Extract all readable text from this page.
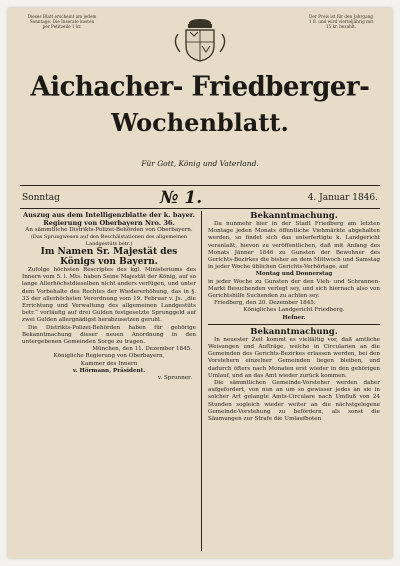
Dieses Blatt erscheint am jedem
Sonntage. Die Inserate kosten
per Petitzeile 1 kr.
Der Preis ist für den Jahrgang
1 fl. und wird vierteljährig mit
15 kr. bezahlt.
Aichacher- Friedberger-
Wochenblatt.
Für Gott, König und Vaterland.
Sonntag	№ 1.	4. Januar 1846.

Auszug aus dem Intelligenzblatte der k. bayer. Regierung von Oberbayern Nro. 36.

An sämmtliche Distrikts-Polizei-Behörden von Oberbayern.

(Das Sprungwesen auf den Beschälstationen des allgemeinen Landgestüts betr.)

Im Namen Sr. Majestät des Königs von Bayern.

Zufolge höchsten Rescriptes des kgl. Ministeriums des Innern vom 5. l. Mts. haben Seine Majestät der König, auf so lange Allerhöchstdieselben nicht anders verfügen, und unter dem Vorbehalte des Rechtes der Wiedererhöhung, das in §. 33 der allerhöchsten Verordnung vom 19. Februar v. Js. „die Errichtung und Verwaltung des allgemeinen Landgestüts betr.“ vorläufig auf drei Gulden festgesetzte Sprunggeld auf zwei Gulden allergnädigst herabzusetzen geruht.

Die Distrikts-Polizei-Behörden haben für gehörige Bekanntmachung dieser neuen Anordnung in den untergebenen Gemeinden Sorge zu tragen.

München, den 11. Dezember 1845.

Königliche Regierung von Oberbayern,

Kammer des Innern

v. Hörmann, Präsident.

v. Sprunner.

Bekanntmachung.

Da nunmehr hier in der Stadt Friedberg am letzten Montage jeden Monats öffentliche Viehmärkte abgehalten werden, so findet sich das unterfertigte k. Landgericht veranlaßt, hievon zu veröffentlichen, daß mit Anfang des Monats Jänner 1846 zu Gunsten der Bewohner des Gerichts-Bezirkes die bisher an dem Mittwoch und Samstag in jeder Woche üblichen Gerichts-Verhörtage, auf

Montag und Donnerstag

in jeder Woche zu Gunsten der den Vieh- und Schrannen-Markt Besuchenden verlegt sey, und sich hiernach also von Gerichtshilfe Suchenden zu achten sey.

Friedberg, den 20. Dezember 1845.

Königliches Landgericht Friedberg.

Hefner.

Bekanntmachung.

In neuester Zeit kommt es vielfältig vor, daß amtliche Weisungen und Aufträge, welche in Circularien an die Gemeinden des Gerichts-Bezirkes erlassen werden, bei den Vorstehern einzelner Gemeinden liegen bleiben, und dadurch öfters nach Monaten erst wieder in den gehörigen Umlauf, und an das Amt wieder zurück kommen.

Die sämmtlichen Gemeinde-Vorsteher werden daher aufgefordert, von nun an um so gewisser jedes an sie in solcher Art gelangte Amts-Circulare nach Umfluß von 24 Stunden sogleich wieder weiter an die nächstgelegene Gemeinde-Vorstehung zu befördern, als sonst die Säumungen zur Strafe die Umlaufboten
